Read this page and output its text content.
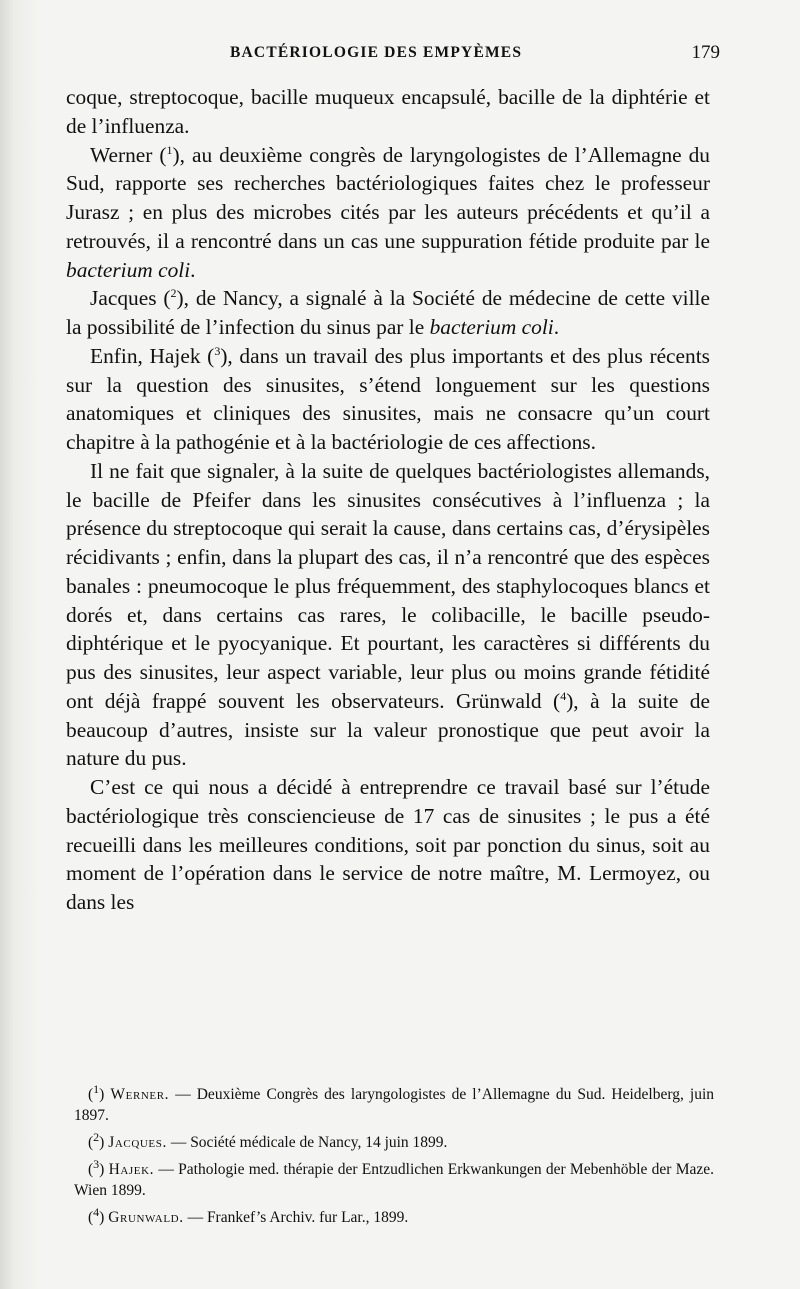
BACTÉRIOLOGIE DES EMPYÈMES	179

coque, streptocoque, bacille muqueux encapsulé, bacille de la diphtérie et de l’influenza.

Werner ($^1$), au deuxième congrès de laryngologistes de l’Allemagne du Sud, rapporte ses recherches bactériologiques faites chez le professeur Jurasz ; en plus des microbes cités par les auteurs précédents et qu’il a retrouvés, il a rencontré dans un cas une suppuration fétide produite par le bacterium coli.

Jacques ($^2$), de Nancy, a signalé à la Société de médecine de cette ville la possibilité de l’infection du sinus par le bacterium coli.

Enfin, Hajek ($^3$), dans un travail des plus importants et des plus récents sur la question des sinusites, s’étend longuement sur les questions anatomiques et cliniques des sinusites, mais ne consacre qu’un court chapitre à la pathogénie et à la bactériologie de ces affections.

Il ne fait que signaler, à la suite de quelques bactériologistes allemands, le bacille de Pfeifer dans les sinusites consécutives à l’influenza ; la présence du streptocoque qui serait la cause, dans certains cas, d’érysipèles récidivants ; enfin, dans la plupart des cas, il n’a rencontré que des espèces banales : pneumocoque le plus fréquemment, des staphylocoques blancs et dorés et, dans certains cas rares, le colibacille, le bacille pseudo-diphtérique et le pyocyanique. Et pourtant, les caractères si différents du pus des sinusites, leur aspect variable, leur plus ou moins grande fétidité ont déjà frappé souvent les observateurs. Grünwald ($^4$), à la suite de beaucoup d’autres, insiste sur la valeur pronostique que peut avoir la nature du pus.

C’est ce qui nous a décidé à entreprendre ce travail basé sur l’étude bactériologique très consciencieuse de 17 cas de sinusites ; le pus a été recueilli dans les meilleures conditions, soit par ponction du sinus, soit au moment de l’opération dans le service de notre maître, M. Lermoyez, ou dans les

($^1$) Werner. — Deuxième Congrès des laryngologistes de l’Allemagne du Sud. Heidelberg, juin 1897.

($^2$) Jacques. — Société médicale de Nancy, 14 juin 1899.

($^3$) Hajek. — Pathologie med. thérapie der Entzudlichen Erkwankungen der Mebenhöble der Maze. Wien 1899.

($^4$) Grunwald. — Frankef’s Archiv. fur Lar., 1899.
